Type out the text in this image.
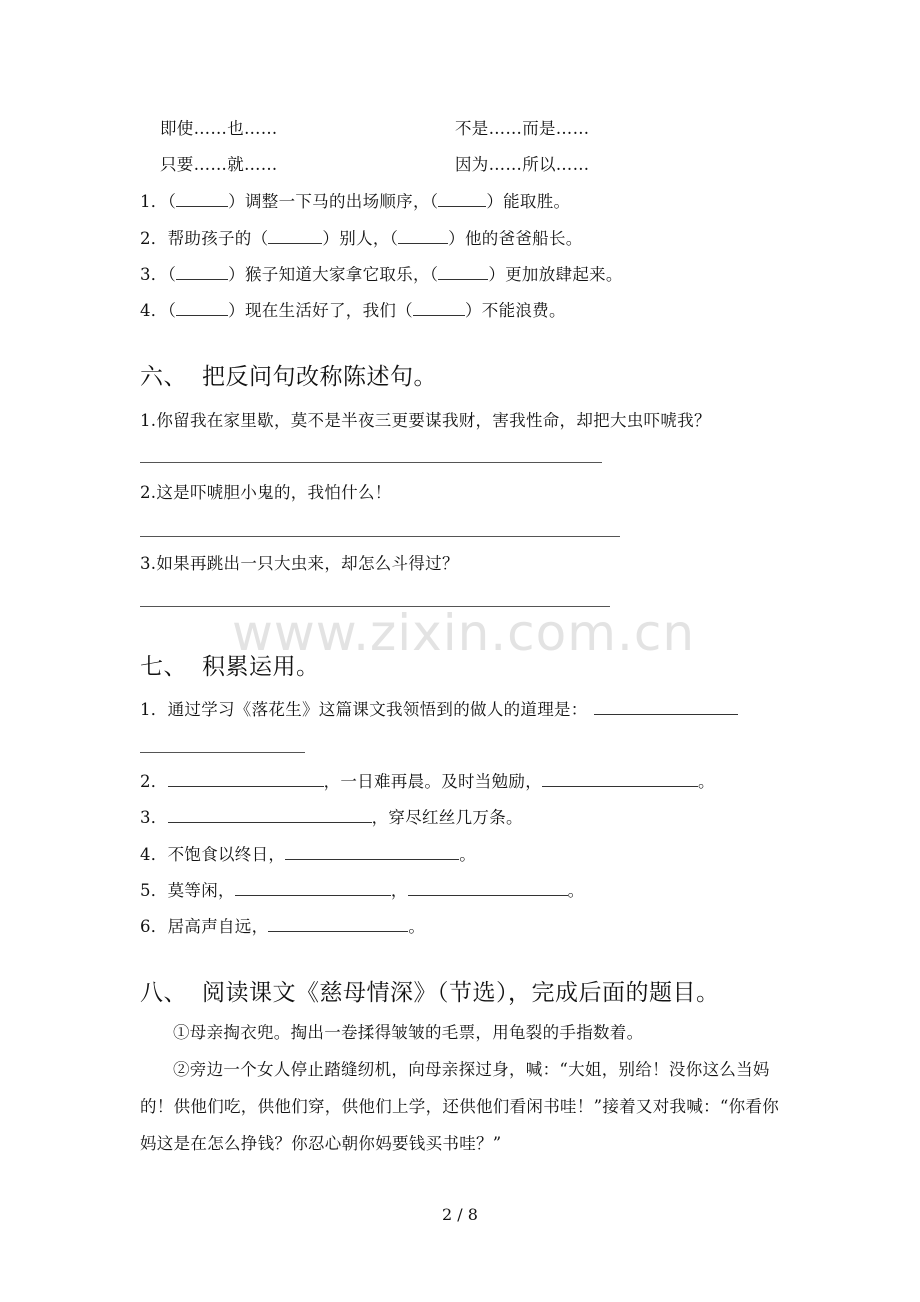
即使……也……	不是……而是……
只要……就……	因为……所以……
1．（	）调整一下马的出场顺序，（	）能取胜。
2．帮助孩子的（	）别人，（	）他的爸爸船长。
3．（	）猴子知道大家拿它取乐，（	）更加放肆起来。
4．（	）现在生活好了，我们（	）不能浪费。
六、 把反问句改称陈述句。
1.你留我在家里歇，莫不是半夜三更要谋我财，害我性命，却把大虫吓唬我？
2.这是吓唬胆小鬼的，我怕什么！
3.如果再跳出一只大虫来，却怎么斗得过？
www.zixin.com.cn
七、 积累运用。
1．通过学习《落花生》这篇课文我领悟到的做人的道理是：
2．	，一日难再晨。及时当勉励，	。
3．	，穿尽红丝几万条。
4．不饱食以终日，	。
5．莫等闲，	，	。
6．居高声自远，	。
八、 阅读课文《慈母情深》（节选），完成后面的题目。
①母亲掏衣兜。掏出一卷揉得皱皱的毛票，用龟裂的手指数着。
②旁边一个女人停止踏缝纫机，向母亲探过身，喊：“大姐，别给！没你这么当妈的！供他们吃，供他们穿，供他们上学，还供他们看闲书哇！”接着又对我喊：“你看你妈这是在怎么挣钱？你忍心朝你妈要钱买书哇？”
2 / 8
